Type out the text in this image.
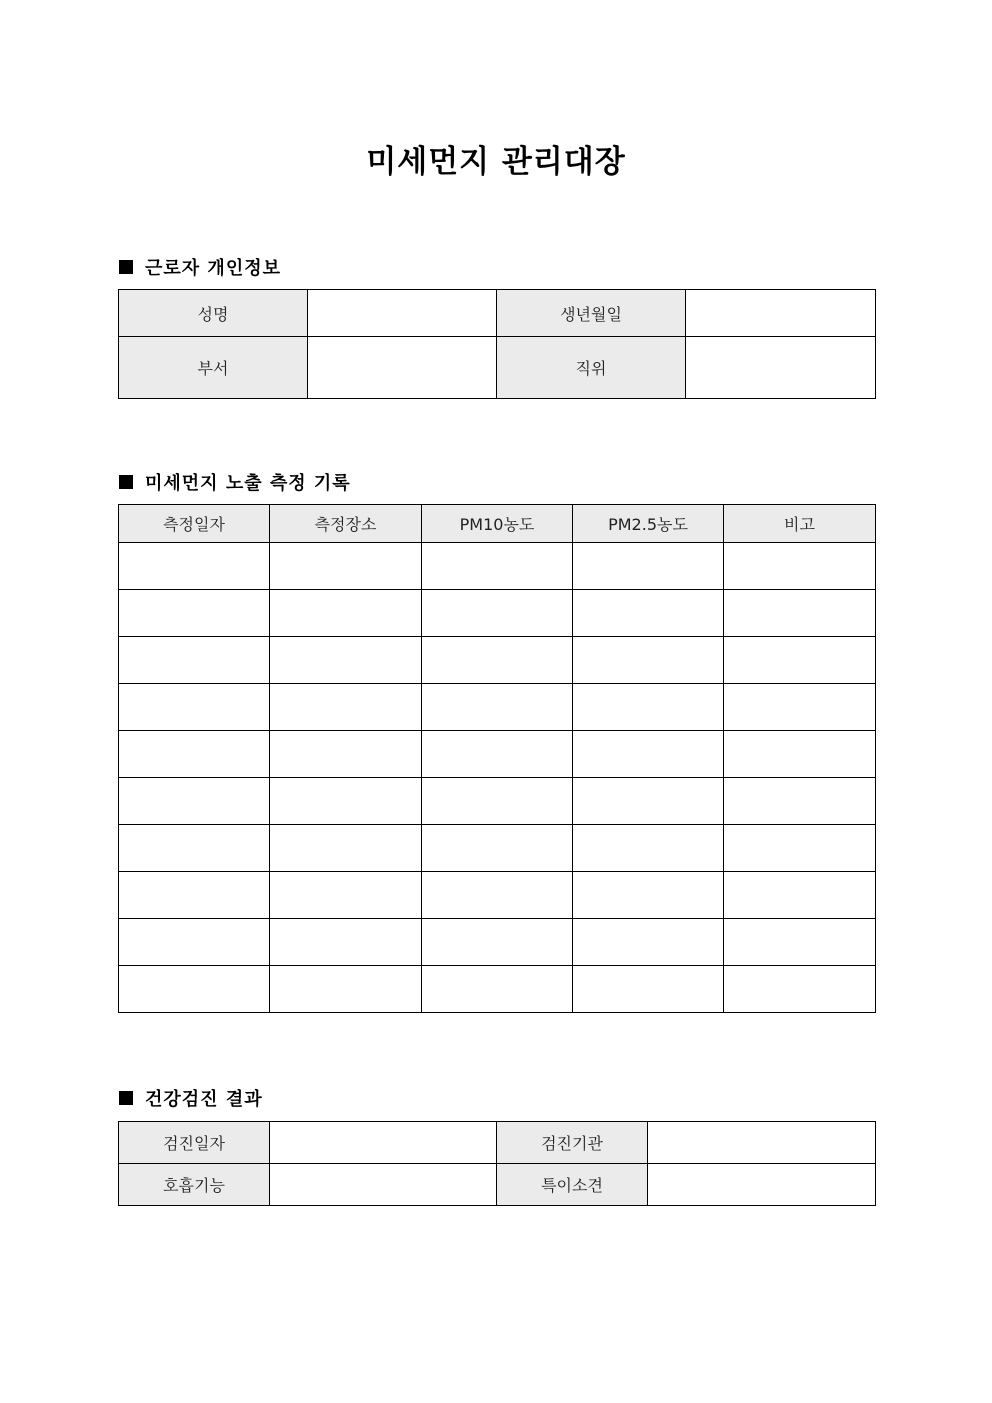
미세먼지 관리대장
근로자 개인정보
성명		생년월일	
부서		직위	
미세먼지 노출 측정 기록
측정일자	측정장소	PM10농도	PM2.5농도	비고

건강검진 결과
검진일자		검진기관	
호흡기능		특이소견	
